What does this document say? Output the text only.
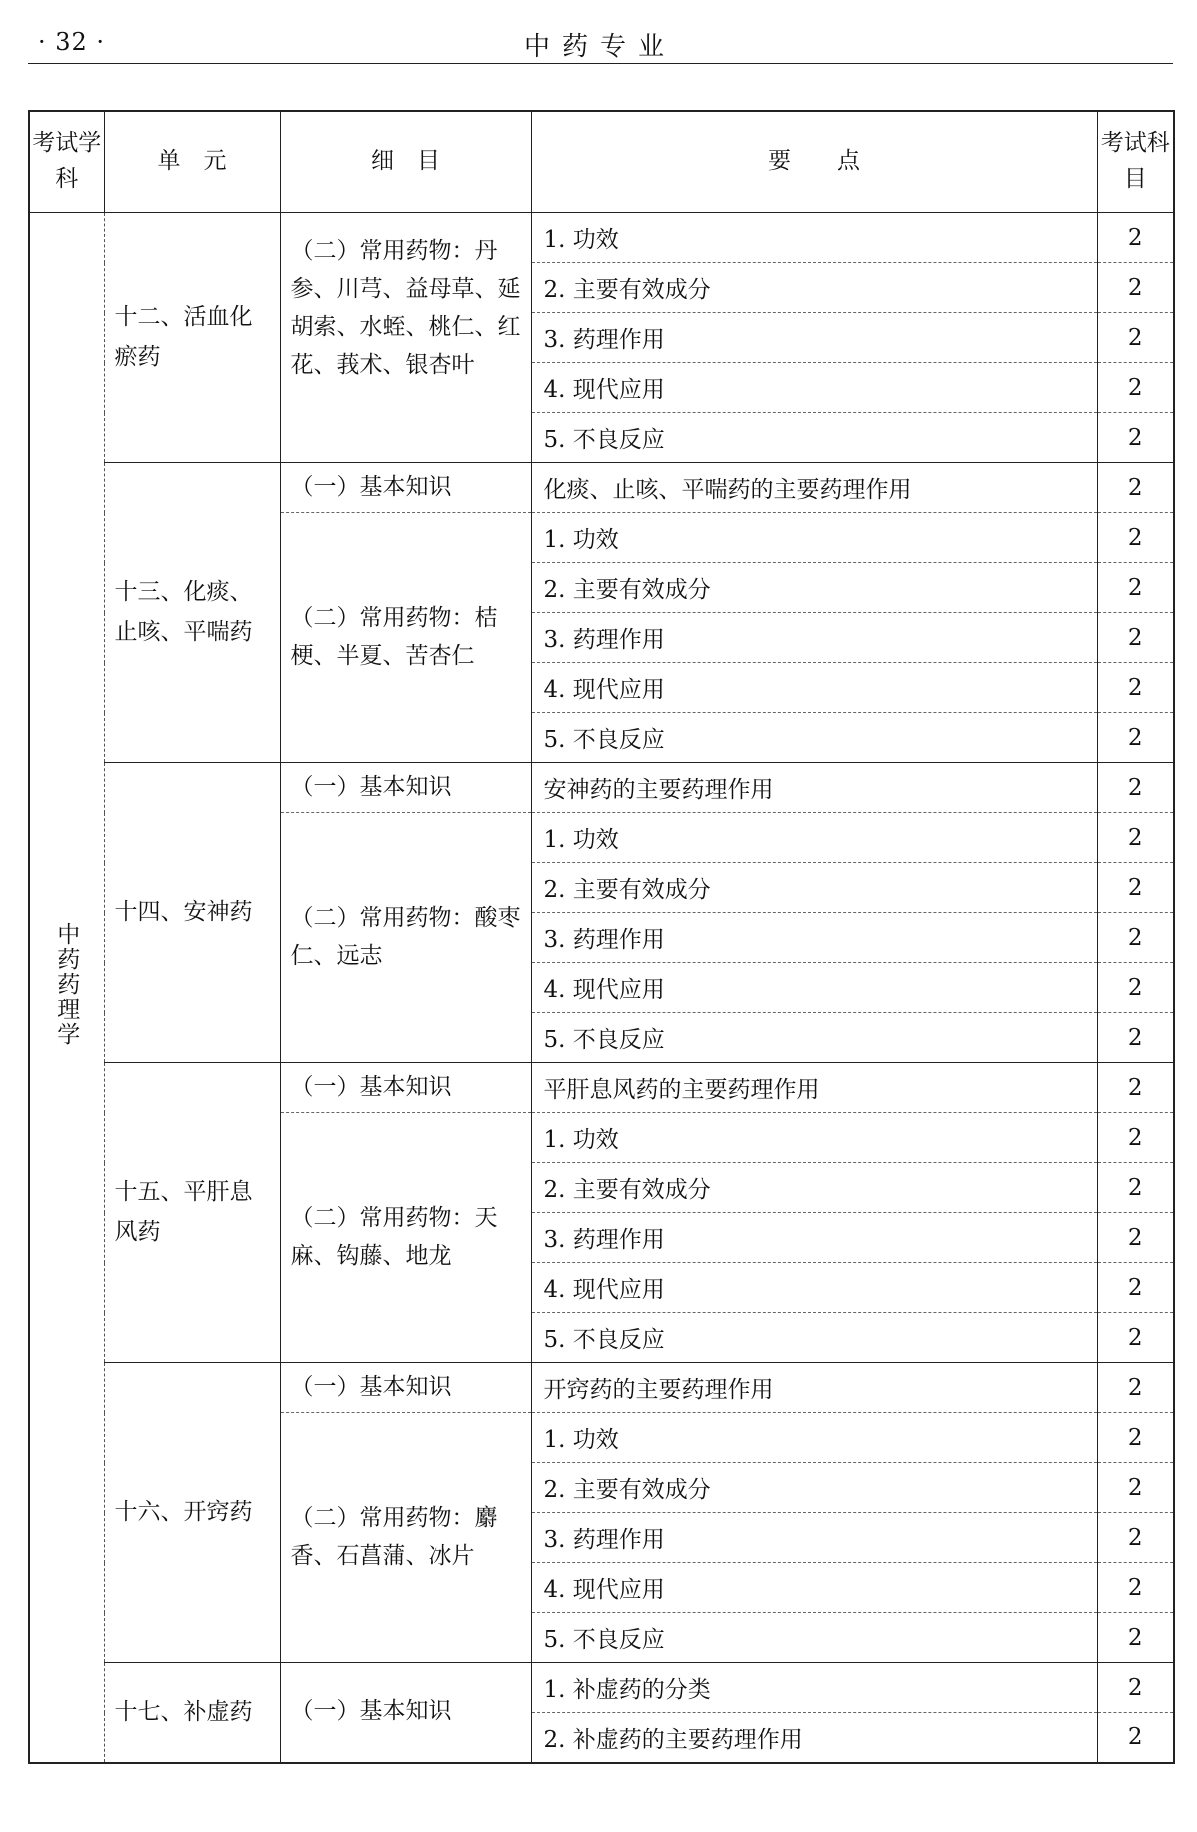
· 32 ·	中药专业
考试学科	单　元	细　目	要　　点	考试科目
中药药理学	十二、活血化瘀药	（二）常用药物：丹参、川芎、益母草、延胡索、水蛭、桃仁、红花、莪术、银杏叶	1. 功效	2
			2. 主要有效成分	2
			3. 药理作用	2
			4. 现代应用	2
			5. 不良反应	2
	十三、化痰、止咳、平喘药	（一）基本知识	化痰、止咳、平喘药的主要药理作用	2
		（二）常用药物：桔梗、半夏、苦杏仁	1. 功效	2
			2. 主要有效成分	2
			3. 药理作用	2
			4. 现代应用	2
			5. 不良反应	2
	十四、安神药	（一）基本知识	安神药的主要药理作用	2
		（二）常用药物：酸枣仁、远志	1. 功效	2
			2. 主要有效成分	2
			3. 药理作用	2
			4. 现代应用	2
			5. 不良反应	2
	十五、平肝息风药	（一）基本知识	平肝息风药的主要药理作用	2
		（二）常用药物：天麻、钩藤、地龙	1. 功效	2
			2. 主要有效成分	2
			3. 药理作用	2
			4. 现代应用	2
			5. 不良反应	2
	十六、开窍药	（一）基本知识	开窍药的主要药理作用	2
		（二）常用药物：麝香、石菖蒲、冰片	1. 功效	2
			2. 主要有效成分	2
			3. 药理作用	2
			4. 现代应用	2
			5. 不良反应	2
	十七、补虚药	（一）基本知识	1. 补虚药的分类	2
			2. 补虚药的主要药理作用	2
